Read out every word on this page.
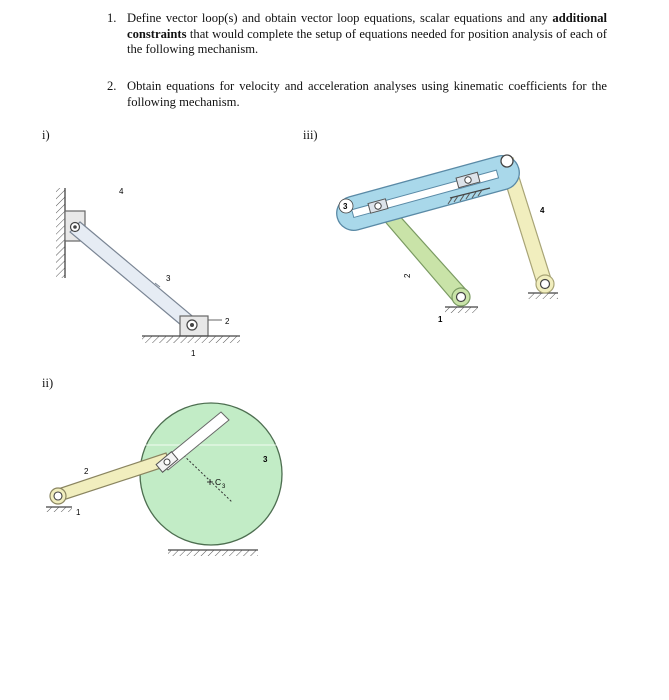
1. Define vector loop(s) and obtain vector loop equations, scalar equations and any additional constraints that would complete the setup of equations needed for position analysis of each of the following mechanism.
2. Obtain equations for velocity and acceleration analyses using kinematic coefficients for the following mechanism.
i)	iii)
ii)
4
3
2
1
3
2
4
1
C 3
2
1
3
